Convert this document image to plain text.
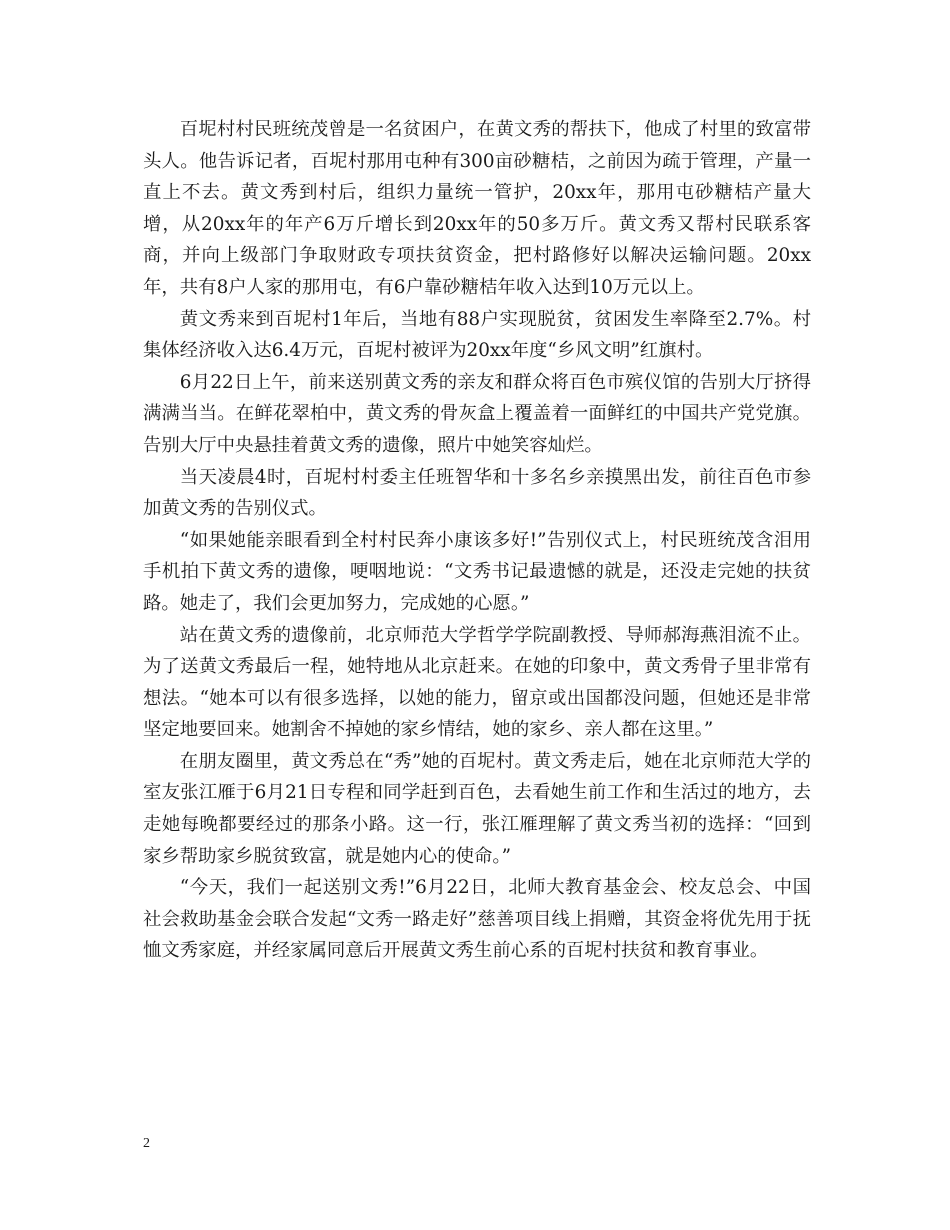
百坭村村民班统茂曾是一名贫困户，在黄文秀的帮扶下，他成了村里的致富带头人。他告诉记者，百坭村那用屯种有300亩砂糖桔，之前因为疏于管理，产量一直上不去。黄文秀到村后，组织力量统一管护，20xx年，那用屯砂糖桔产量大增，从20xx年的年产6万斤增长到20xx年的50多万斤。黄文秀又帮村民联系客商，并向上级部门争取财政专项扶贫资金，把村路修好以解决运输问题。20xx年，共有8户人家的那用屯，有6户靠砂糖桔年收入达到10万元以上。

黄文秀来到百坭村1年后，当地有88户实现脱贫，贫困发生率降至2.7%。村集体经济收入达6.4万元，百坭村被评为20xx年度“乡风文明”红旗村。

6月22日上午，前来送别黄文秀的亲友和群众将百色市殡仪馆的告别大厅挤得满满当当。在鲜花翠柏中，黄文秀的骨灰盒上覆盖着一面鲜红的中国共产党党旗。告别大厅中央悬挂着黄文秀的遗像，照片中她笑容灿烂。

当天凌晨4时，百坭村村委主任班智华和十多名乡亲摸黑出发，前往百色市参加黄文秀的告别仪式。

“如果她能亲眼看到全村村民奔小康该多好!”告别仪式上，村民班统茂含泪用手机拍下黄文秀的遗像，哽咽地说：“文秀书记最遗憾的就是，还没走完她的扶贫路。她走了，我们会更加努力，完成她的心愿。”

站在黄文秀的遗像前，北京师范大学哲学学院副教授、导师郝海燕泪流不止。为了送黄文秀最后一程，她特地从北京赶来。在她的印象中，黄文秀骨子里非常有想法。“她本可以有很多选择，以她的能力，留京或出国都没问题，但她还是非常坚定地要回来。她割舍不掉她的家乡情结，她的家乡、亲人都在这里。”

在朋友圈里，黄文秀总在“秀”她的百坭村。黄文秀走后，她在北京师范大学的室友张江雁于6月21日专程和同学赶到百色，去看她生前工作和生活过的地方，去走她每晚都要经过的那条小路。这一行，张江雁理解了黄文秀当初的选择：“回到家乡帮助家乡脱贫致富，就是她内心的使命。”

“今天，我们一起送别文秀!”6月22日，北师大教育基金会、校友总会、中国社会救助基金会联合发起“文秀一路走好”慈善项目线上捐赠，其资金将优先用于抚恤文秀家庭，并经家属同意后开展黄文秀生前心系的百坭村扶贫和教育事业。

2
